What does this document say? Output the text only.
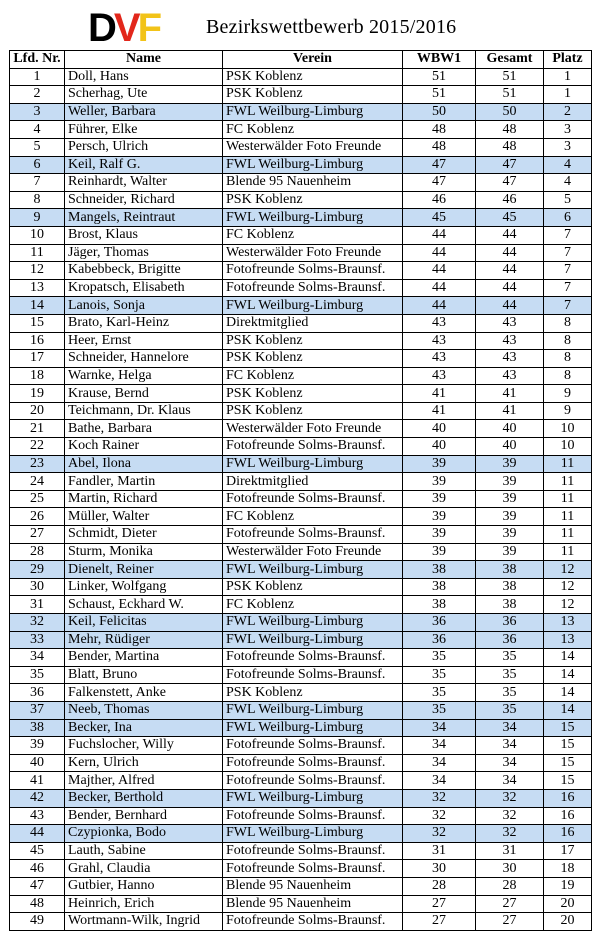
DVF Bezirkswettbewerb 2015/2016
Lfd. Nr.	Name	Verein	WBW1	Gesamt	Platz
1	Doll, Hans	PSK Koblenz	51	51	1
2	Scherhag, Ute	PSK Koblenz	51	51	1
3	Weller, Barbara	FWL Weilburg-Limburg	50	50	2
4	Führer, Elke	FC Koblenz	48	48	3
5	Persch, Ulrich	Westerwälder Foto Freunde	48	48	3
6	Keil, Ralf G.	FWL Weilburg-Limburg	47	47	4
7	Reinhardt, Walter	Blende 95 Nauenheim	47	47	4
8	Schneider, Richard	PSK Koblenz	46	46	5
9	Mangels, Reintraut	FWL Weilburg-Limburg	45	45	6
10	Brost, Klaus	FC Koblenz	44	44	7
11	Jäger, Thomas	Westerwälder Foto Freunde	44	44	7
12	Kabebbeck, Brigitte	Fotofreunde Solms-Braunsf.	44	44	7
13	Kropatsch, Elisabeth	Fotofreunde Solms-Braunsf.	44	44	7
14	Lanois, Sonja	FWL Weilburg-Limburg	44	44	7
15	Brato, Karl-Heinz	Direktmitglied	43	43	8
16	Heer, Ernst	PSK Koblenz	43	43	8
17	Schneider, Hannelore	PSK Koblenz	43	43	8
18	Warnke, Helga	FC Koblenz	43	43	8
19	Krause, Bernd	PSK Koblenz	41	41	9
20	Teichmann, Dr. Klaus	PSK Koblenz	41	41	9
21	Bathe, Barbara	Westerwälder Foto Freunde	40	40	10
22	Koch Rainer	Fotofreunde Solms-Braunsf.	40	40	10
23	Abel, Ilona	FWL Weilburg-Limburg	39	39	11
24	Fandler, Martin	Direktmitglied	39	39	11
25	Martin, Richard	Fotofreunde Solms-Braunsf.	39	39	11
26	Müller, Walter	FC Koblenz	39	39	11
27	Schmidt, Dieter	Fotofreunde Solms-Braunsf.	39	39	11
28	Sturm, Monika	Westerwälder Foto Freunde	39	39	11
29	Dienelt, Reiner	FWL Weilburg-Limburg	38	38	12
30	Linker, Wolfgang	PSK Koblenz	38	38	12
31	Schaust, Eckhard W.	FC Koblenz	38	38	12
32	Keil, Felicitas	FWL Weilburg-Limburg	36	36	13
33	Mehr, Rüdiger	FWL Weilburg-Limburg	36	36	13
34	Bender, Martina	Fotofreunde Solms-Braunsf.	35	35	14
35	Blatt, Bruno	Fotofreunde Solms-Braunsf.	35	35	14
36	Falkenstett, Anke	PSK Koblenz	35	35	14
37	Neeb, Thomas	FWL Weilburg-Limburg	35	35	14
38	Becker, Ina	FWL Weilburg-Limburg	34	34	15
39	Fuchslocher, Willy	Fotofreunde Solms-Braunsf.	34	34	15
40	Kern, Ulrich	Fotofreunde Solms-Braunsf.	34	34	15
41	Majther, Alfred	Fotofreunde Solms-Braunsf.	34	34	15
42	Becker, Berthold	FWL Weilburg-Limburg	32	32	16
43	Bender, Bernhard	Fotofreunde Solms-Braunsf.	32	32	16
44	Czypionka, Bodo	FWL Weilburg-Limburg	32	32	16
45	Lauth, Sabine	Fotofreunde Solms-Braunsf.	31	31	17
46	Grahl, Claudia	Fotofreunde Solms-Braunsf.	30	30	18
47	Gutbier, Hanno	Blende 95 Nauenheim	28	28	19
48	Heinrich, Erich	Blende 95 Nauenheim	27	27	20
49	Wortmann-Wilk, Ingrid	Fotofreunde Solms-Braunsf.	27	27	20
